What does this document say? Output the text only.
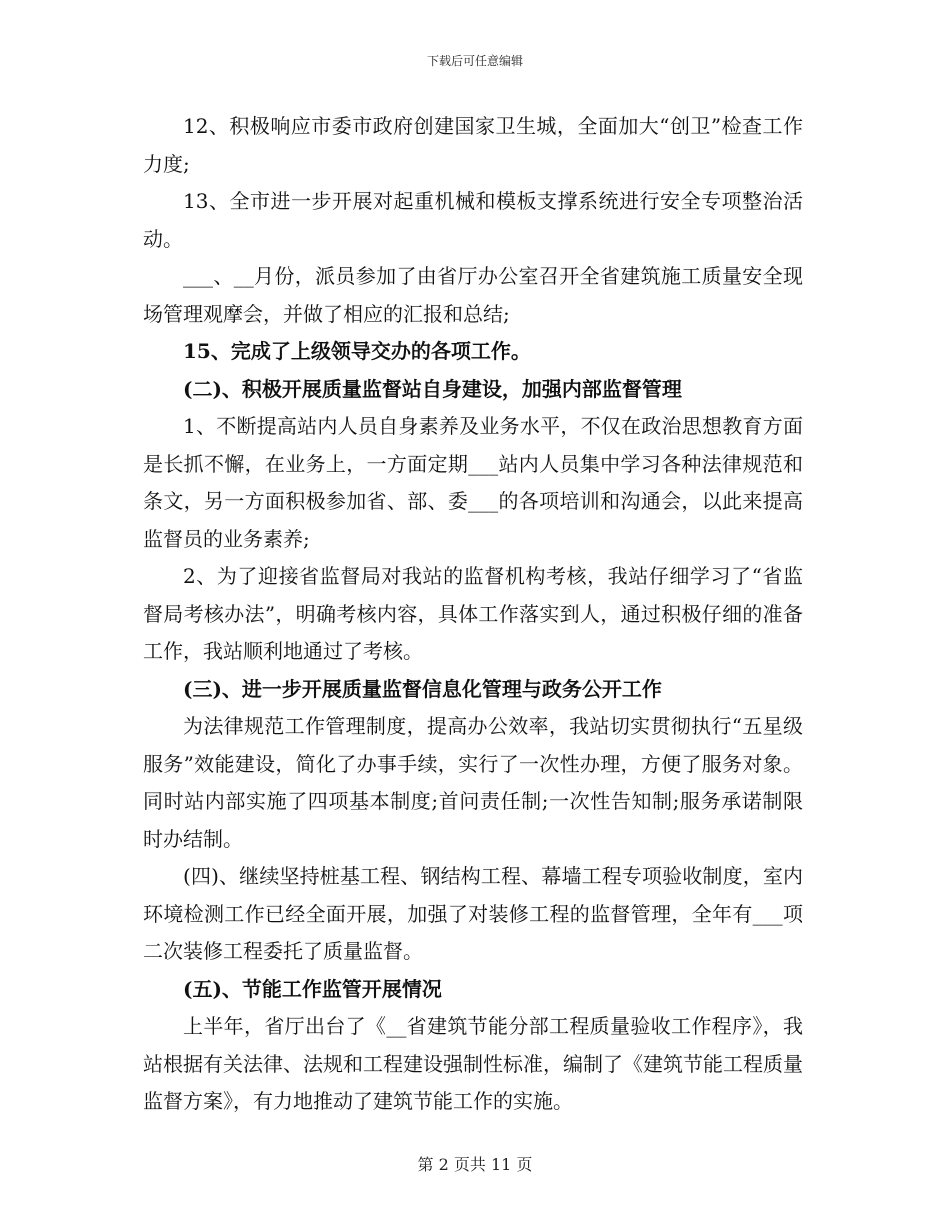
下载后可任意编辑

12、积极响应市委市政府创建国家卫生城，全面加大“创卫”检查工作力度;

13、全市进一步开展对起重机械和模板支撑系统进行安全专项整治活动。

___、__月份，派员参加了由省厅办公室召开全省建筑施工质量安全现场管理观摩会，并做了相应的汇报和总结;

15、完成了上级领导交办的各项工作。

(二)、积极开展质量监督站自身建设，加强内部监督管理

1、不断提高站内人员自身素养及业务水平，不仅在政治思想教育方面是长抓不懈，在业务上，一方面定期___站内人员集中学习各种法律规范和条文，另一方面积极参加省、部、委___的各项培训和沟通会，以此来提高监督员的业务素养;

2、为了迎接省监督局对我站的监督机构考核，我站仔细学习了“省监督局考核办法”，明确考核内容，具体工作落实到人，通过积极仔细的准备工作，我站顺利地通过了考核。

(三)、进一步开展质量监督信息化管理与政务公开工作

为法律规范工作管理制度，提高办公效率，我站切实贯彻执行“五星级服务”效能建设，简化了办事手续，实行了一次性办理，方便了服务对象。同时站内部实施了四项基本制度;首问责任制;一次性告知制;服务承诺制限时办结制。

(四)、继续坚持桩基工程、钢结构工程、幕墙工程专项验收制度，室内环境检测工作已经全面开展，加强了对装修工程的监督管理，全年有___项二次装修工程委托了质量监督。

(五)、节能工作监管开展情况

上半年，省厅出台了《__省建筑节能分部工程质量验收工作程序》，我站根据有关法律、法规和工程建设强制性标准，编制了《建筑节能工程质量监督方案》，有力地推动了建筑节能工作的实施。

第 2 页共 11 页
